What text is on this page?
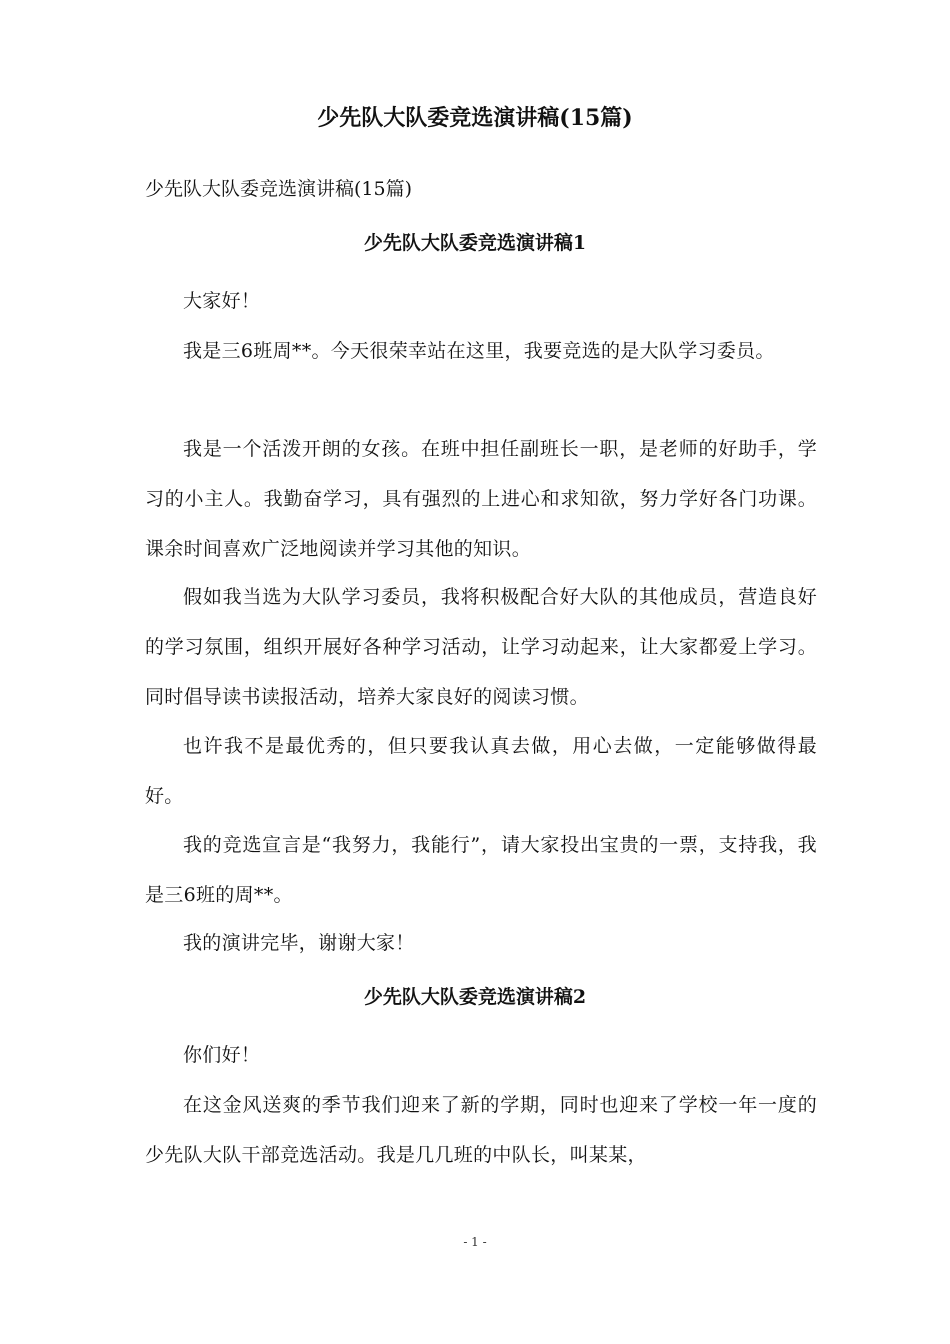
少先队大队委竞选演讲稿(15篇)

少先队大队委竞选演讲稿(15篇)

少先队大队委竞选演讲稿1

大家好！

我是三6班周**。今天很荣幸站在这里，我要竞选的是大队学习委员。

我是一个活泼开朗的女孩。在班中担任副班长一职，是老师的好助手，学习的小主人。我勤奋学习，具有强烈的上进心和求知欲，努力学好各门功课。课余时间喜欢广泛地阅读并学习其他的知识。

假如我当选为大队学习委员，我将积极配合好大队的其他成员，营造良好的学习氛围，组织开展好各种学习活动，让学习动起来，让大家都爱上学习。同时倡导读书读报活动，培养大家良好的阅读习惯。

也许我不是最优秀的，但只要我认真去做，用心去做，一定能够做得最好。

我的竞选宣言是“我努力，我能行”，请大家投出宝贵的一票，支持我，我是三6班的周**。

我的演讲完毕，谢谢大家！

少先队大队委竞选演讲稿2

你们好！

在这金风送爽的季节我们迎来了新的学期，同时也迎来了学校一年一度的少先队大队干部竞选活动。我是几几班的中队长，叫某某，

- 1 -
